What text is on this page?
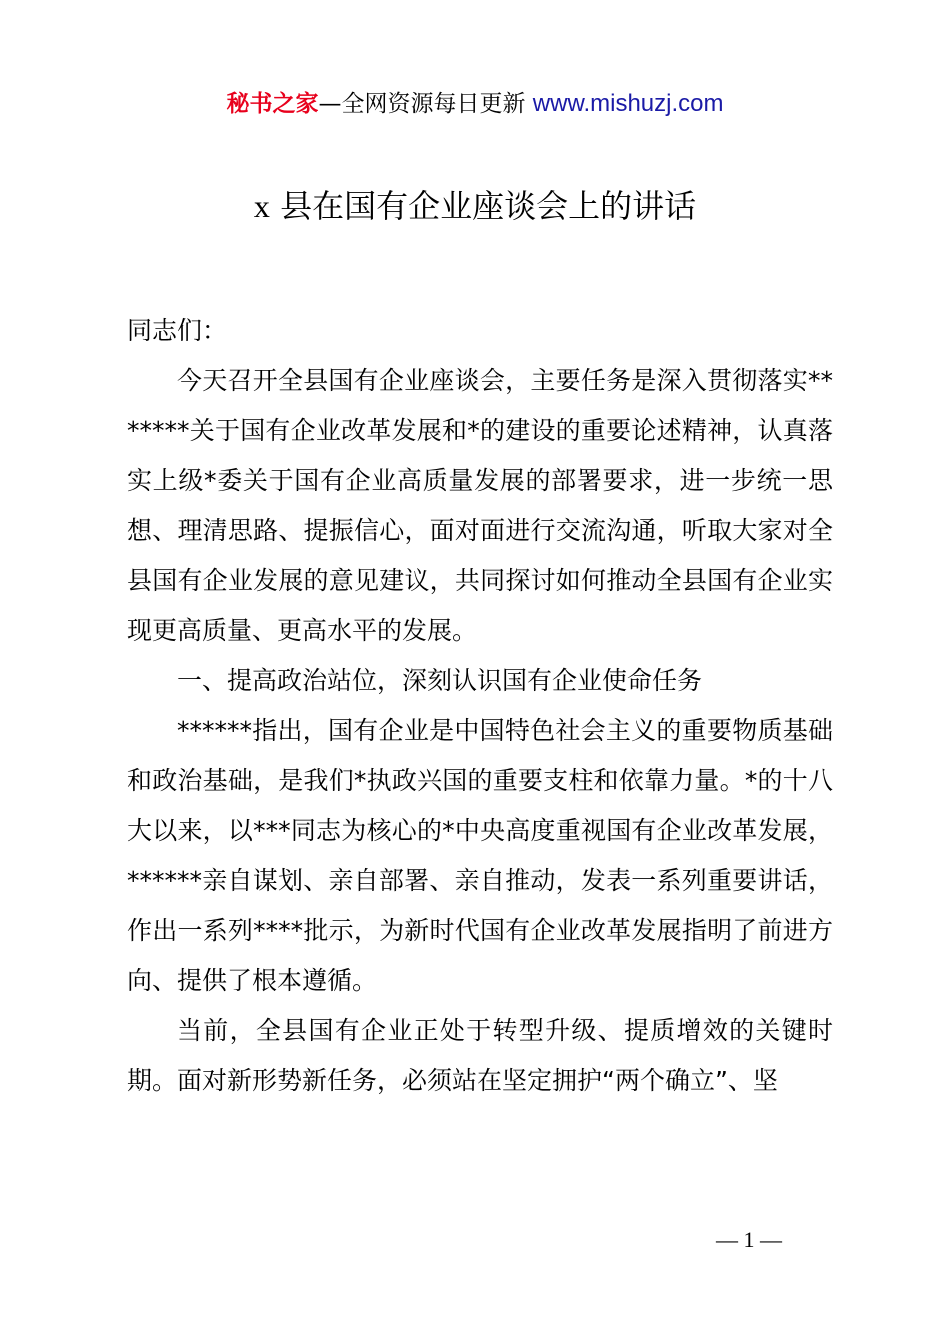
秘书之家—全网资源每日更新 www.mishuzj.com
x 县在国有企业座谈会上的讲话

同志们：

今天召开全县国有企业座谈会，主要任务是深入贯彻落实*******关于国有企业改革发展和*的建设的重要论述精神，认真落实上级*委关于国有企业高质量发展的部署要求，进一步统一思想、理清思路、提振信心，面对面进行交流沟通，听取大家对全县国有企业发展的意见建议，共同探讨如何推动全县国有企业实现更高质量、更高水平的发展。

一、提高政治站位，深刻认识国有企业使命任务

******指出，国有企业是中国特色社会主义的重要物质基础和政治基础，是我们*执政兴国的重要支柱和依靠力量。*的十八大以来，以***同志为核心的*中央高度重视国有企业改革发展，******亲自谋划、亲自部署、亲自推动，发表一系列重要讲话，作出一系列****批示，为新时代国有企业改革发展指明了前进方向、提供了根本遵循。

当前，全县国有企业正处于转型升级、提质增效的关键时期。面对新形势新任务，必须站在坚定拥护“两个确立”、坚

— 1 —
